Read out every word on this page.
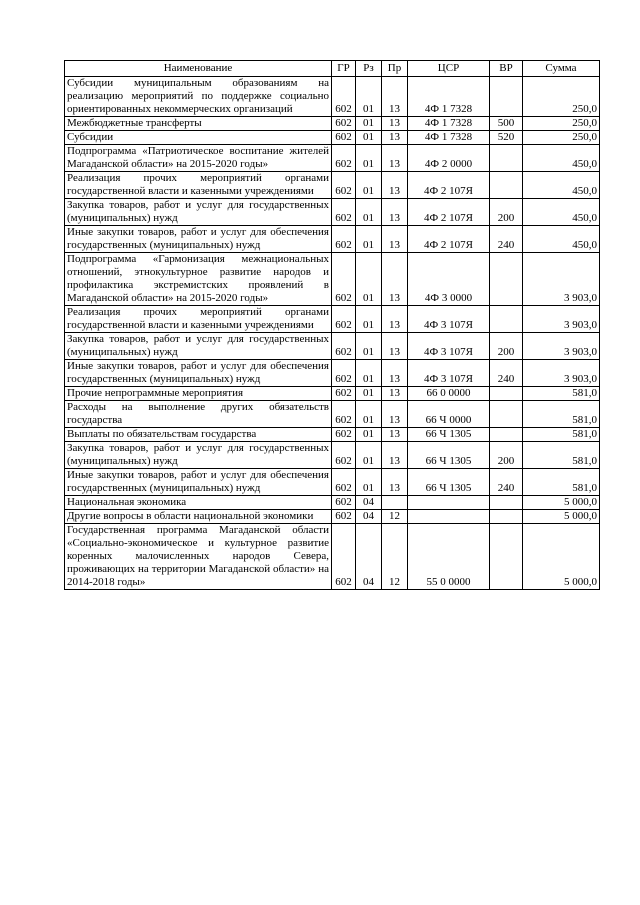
Наименование	ГР	Рз	Пр	ЦСР	ВР	Сумма
Субсидии муниципальным образованиям на реализацию мероприятий по поддержке социально ориентированных некоммерческих организаций	602	01	13	4Ф 1 7328		250,0
Межбюджетные трансферты	602	01	13	4Ф 1 7328	500	250,0
Субсидии	602	01	13	4Ф 1 7328	520	250,0
Подпрограмма «Патриотическое воспитание жителей Магаданской области» на 2015-2020 годы»	602	01	13	4Ф 2 0000		450,0
Реализация прочих мероприятий органами государственной власти и казенными учреждениями	602	01	13	4Ф 2 107Я		450,0
Закупка товаров, работ и услуг для государственных (муниципальных) нужд	602	01	13	4Ф 2 107Я	200	450,0
Иные закупки товаров, работ и услуг для обеспечения государственных (муниципальных) нужд	602	01	13	4Ф 2 107Я	240	450,0
Подпрограмма «Гармонизация межнациональных отношений, этнокультурное развитие народов и профилактика экстремистских проявлений в Магаданской области» на 2015-2020 годы»	602	01	13	4Ф 3 0000		3 903,0
Реализация прочих мероприятий органами государственной власти и казенными учреждениями	602	01	13	4Ф 3 107Я		3 903,0
Закупка товаров, работ и услуг для государственных (муниципальных) нужд	602	01	13	4Ф 3 107Я	200	3 903,0
Иные закупки товаров, работ и услуг для обеспечения государственных (муниципальных) нужд	602	01	13	4Ф 3 107Я	240	3 903,0
Прочие непрограммные мероприятия	602	01	13	66 0 0000		581,0
Расходы на выполнение других обязательств государства	602	01	13	66 Ч 0000		581,0
Выплаты по обязательствам государства	602	01	13	66 Ч 1305		581,0
Закупка товаров, работ и услуг для государственных (муниципальных) нужд	602	01	13	66 Ч 1305	200	581,0
Иные закупки товаров, работ и услуг для обеспечения государственных (муниципальных) нужд	602	01	13	66 Ч 1305	240	581,0
Национальная экономика	602	04				5 000,0
Другие вопросы в области национальной экономики	602	04	12			5 000,0
Государственная программа Магаданской области «Социально-экономическое и культурное развитие коренных малочисленных народов Севера, проживающих на территории Магаданской области» на 2014-2018 годы»	602	04	12	55 0 0000		5 000,0
